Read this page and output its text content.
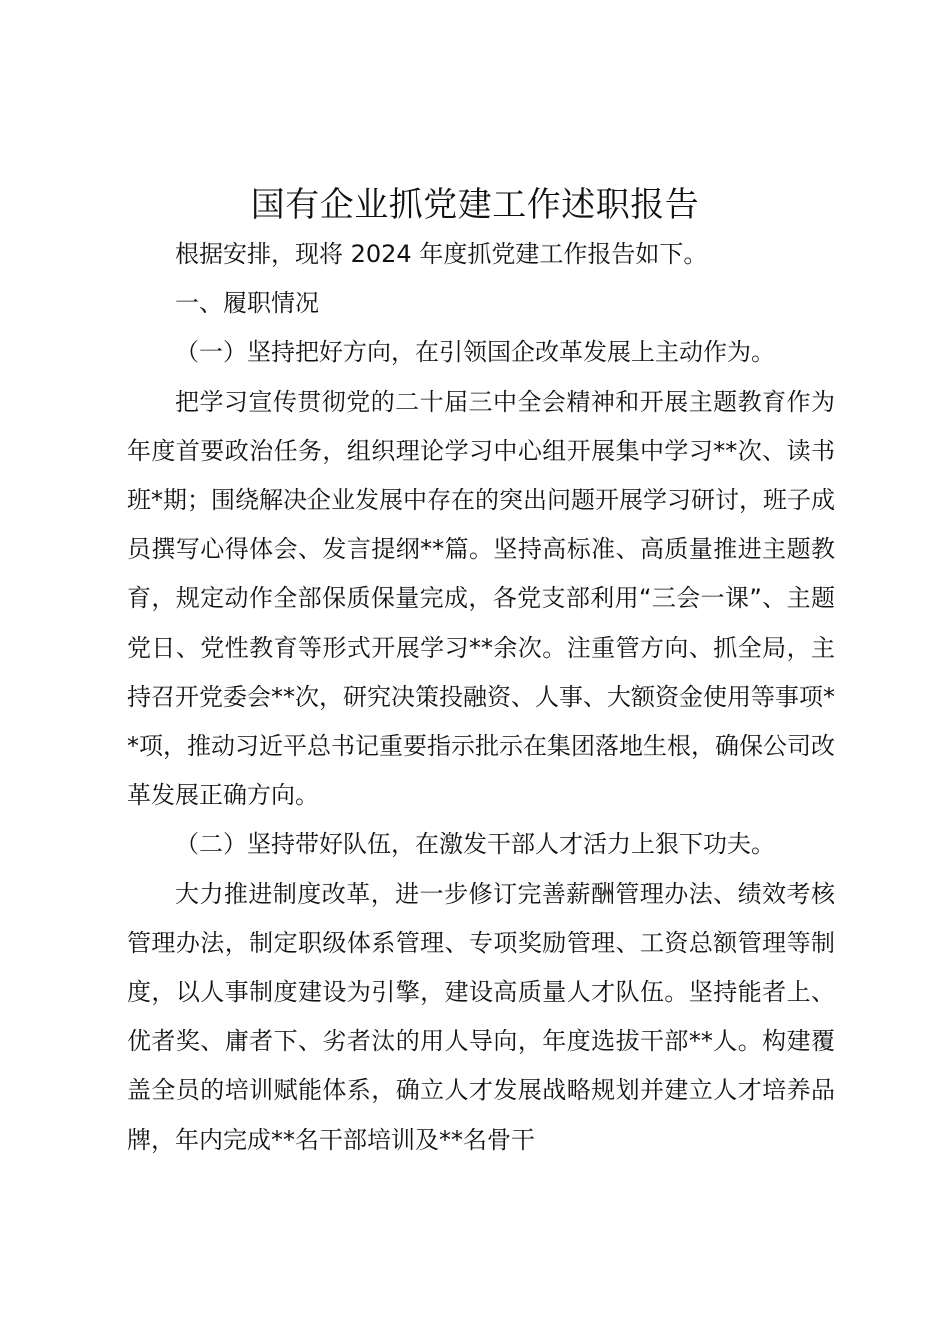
国有企业抓党建工作述职报告

根据安排，现将 2024 年度抓党建工作报告如下。

一、履职情况

（一）坚持把好方向，在引领国企改革发展上主动作为。

把学习宣传贯彻党的二十届三中全会精神和开展主题教育作为年度首要政治任务，组织理论学习中心组开展集中学习**次、读书班*期；围绕解决企业发展中存在的突出问题开展学习研讨，班子成员撰写心得体会、发言提纲**篇。坚持高标准、高质量推进主题教育，规定动作全部保质保量完成，各党支部利用“三会一课”、主题党日、党性教育等形式开展学习**余次。注重管方向、抓全局，主持召开党委会**次，研究决策投融资、人事、大额资金使用等事项**项，推动习近平总书记重要指示批示在集团落地生根，确保公司改革发展正确方向。

（二）坚持带好队伍，在激发干部人才活力上狠下功夫。

大力推进制度改革，进一步修订完善薪酬管理办法、绩效考核管理办法，制定职级体系管理、专项奖励管理、工资总额管理等制度，以人事制度建设为引擎，建设高质量人才队伍。坚持能者上、优者奖、庸者下、劣者汰的用人导向，年度选拔干部**人。构建覆盖全员的培训赋能体系，确立人才发展战略规划并建立人才培养品牌，年内完成**名干部培训及**名骨干
